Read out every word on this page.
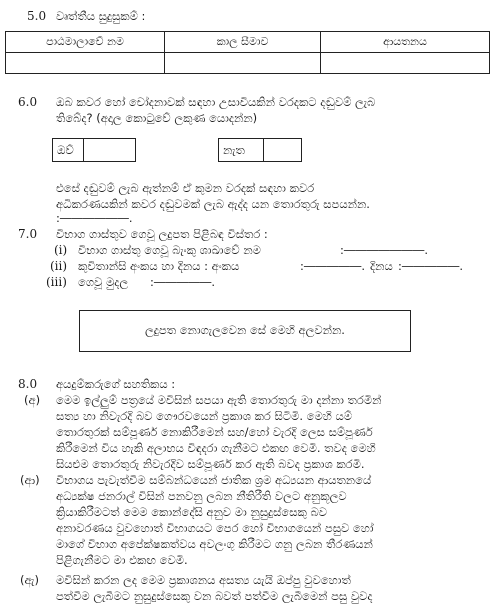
5.0 වෘත්තීය සුදුසුකම් :
පාඨමාලාවේ නම	කාල සීමාව	ආයතනය

6.0 ඔබ කවර හෝ චෝදනාවක් සඳහා උසාවියකින් වරදකට දඬුවම් ලැබ
තිබේද? (අදාල කොටුවේ ලකුණ යොදන්න)
ඔව්	නැත
එසේ දඬුවම් ලැබ ඇත්නම් ඒ කුමන වරදක් සඳහා කවර
අධිකරණයකින් කවර දඬුවමක් ලැබ ඇද්ද යන තොරතුරු සපයන්න.
:――――――.
7.0 විභාග ගාස්තුව ගෙවූ ලදුපත පිළිබඳ විස්තර :
(i) විභාග ගාස්තු ගෙවූ බැංකු ශාඛාවේ නම	:―――――――.
(ii) කුවිතාන්සි අංකය හා දිනය : අංකය	:―――――. දිනය :―――――.
(iii) ගෙවූ මුදල :―――――.
ලදුපත නොගැලවෙන සේ මෙහි අලවන්න.
8.0 අයදුම්කරුගේ සහතිකය :
(අ) මෙම ඉල්ලුම් පත්‍රයේ මවිසින් සපයා ඇති තොරතුරු මා දන්නා තරමින්
සත්‍ය හා නිවැරදි බව ගෞරවයෙන් ප්‍රකාශ කර සිටිමි. මෙහි යම්
තොරතුරක් සම්පූර්ණ නොකිරීමෙන් සහ/හෝ වැරදි ලෙස සම්පූර්ණ
කිරීමෙන් විය හැකි අලාභය විඳදරා ගැනීමට එකඟ වෙමි. තවද මෙහි
සියළුම තොරතුරු නිවැරදිව සම්පූර්ණ කර ඇති බවද ප්‍රකාශ කරමි.
(ආ) විභාගය පැවැත්වීම සම්බන්ධයෙන් ජාතික ශ්‍රම අධ්‍යයන ආයතනයේ
අධ්‍යක්ෂ ජනරාල් විසින් පනවනු ලබන නීතිරීති වලට අනුකූලව
ක්‍රියාකිරීමටත් මෙම කොන්දේසි අනුව මා නුසුදුස්සෙකු බව
අනාවරණය වුවහොත් විභාගයට පෙර හෝ විභාගයෙන් පසුව හෝ
මාගේ විභාග අපේක්ෂකත්වය අවලංගු කිරීමට ගනු ලබන තීරණයන්
පිළිගැනීමට මා එකඟ වෙමි.
(ඇ) මවිසින් කරන ලද මෙම ප්‍රකාශනය අසත්‍ය යැයි ඔප්පු වුවහොත්
පත්වීම ලැබීමට නුසුදුස්සෙකු වන බවත් පත්වීම ලැබීමෙන් පසු වුවද
